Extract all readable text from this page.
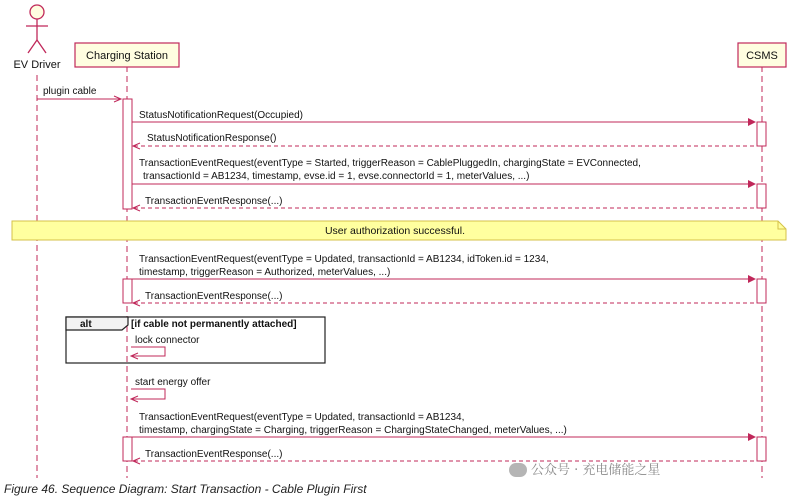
EV Driver
Charging Station	CSMS
plugin cable
StatusNotificationRequest(Occupied)
StatusNotificationResponse()
TransactionEventRequest(eventType = Started, triggerReason = CablePluggedIn, chargingState = EVConnected,
transactionId = AB1234, timestamp, evse.id = 1, evse.connectorId = 1, meterValues, ...)
TransactionEventResponse(...)
User authorization successful.
TransactionEventRequest(eventType = Updated, transactionId = AB1234, idToken.id = 1234,
timestamp, triggerReason = Authorized, meterValues, ...)
TransactionEventResponse(...)
alt	[if cable not permanently attached]
lock connector
start energy offer
TransactionEventRequest(eventType = Updated, transactionId = AB1234,
timestamp, chargingState = Charging, triggerReason = ChargingStateChanged, meterValues, ...)
TransactionEventResponse(...)
公众号 · 充电储能之星
Figure 46. Sequence Diagram: Start Transaction - Cable Plugin First
